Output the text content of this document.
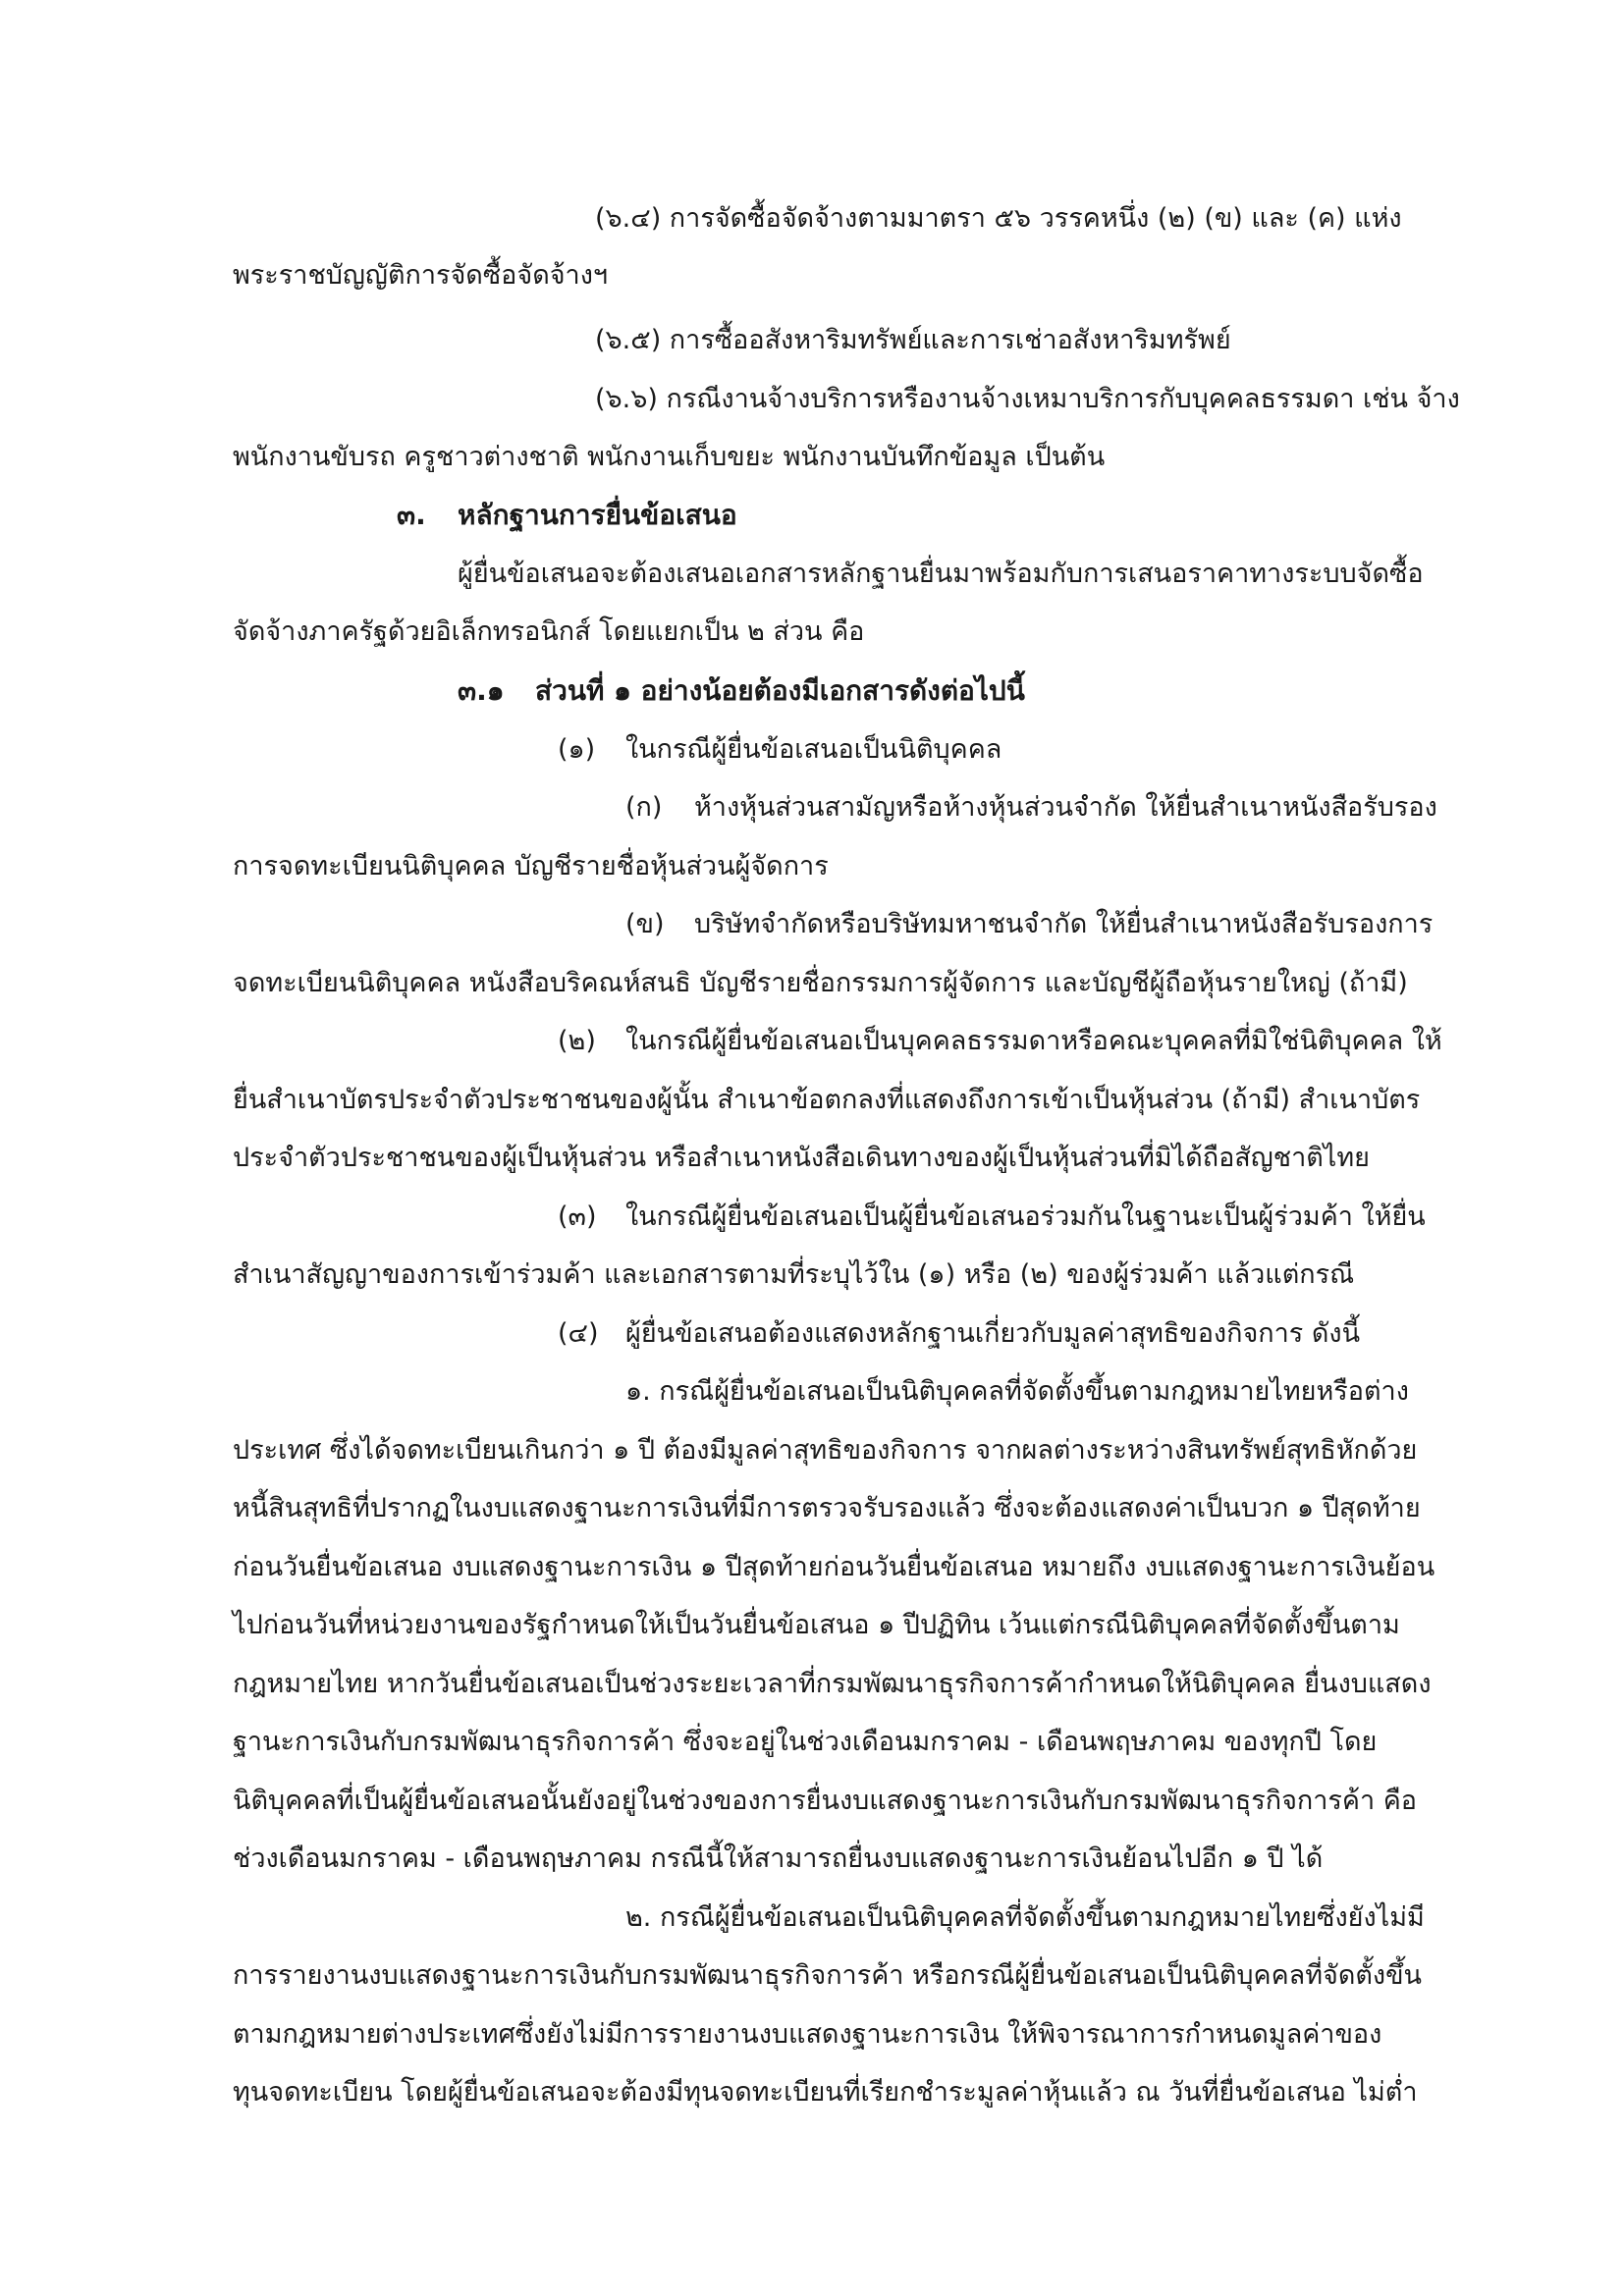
(๖.๔) การจัดซื้อจัดจ้างตามมาตรา ๕๖ วรรคหนึ่ง (๒) (ข) และ (ค) แห่ง
พระราชบัญญัติการจัดซื้อจัดจ้างฯ
(๖.๕) การซื้ออสังหาริมทรัพย์และการเช่าอสังหาริมทรัพย์
(๖.๖) กรณีงานจ้างบริการหรืองานจ้างเหมาบริการกับบุคคลธรรมดา เช่น จ้าง
พนักงานขับรถ ครูชาวต่างชาติ พนักงานเก็บขยะ พนักงานบันทึกข้อมูล เป็นต้น
๓. หลักฐานการยื่นข้อเสนอ
ผู้ยื่นข้อเสนอจะต้องเสนอเอกสารหลักฐานยื่นมาพร้อมกับการเสนอราคาทางระบบจัดซื้อ
จัดจ้างภาครัฐด้วยอิเล็กทรอนิกส์ โดยแยกเป็น ๒ ส่วน คือ
๓.๑ ส่วนที่ ๑ อย่างน้อยต้องมีเอกสารดังต่อไปนี้
(๑) ในกรณีผู้ยื่นข้อเสนอเป็นนิติบุคคล
(ก) ห้างหุ้นส่วนสามัญหรือห้างหุ้นส่วนจำกัด ให้ยื่นสำเนาหนังสือรับรอง
การจดทะเบียนนิติบุคคล บัญชีรายชื่อหุ้นส่วนผู้จัดการ
(ข) บริษัทจำกัดหรือบริษัทมหาชนจำกัด ให้ยื่นสำเนาหนังสือรับรองการ
จดทะเบียนนิติบุคคล หนังสือบริคณห์สนธิ บัญชีรายชื่อกรรมการผู้จัดการ และบัญชีผู้ถือหุ้นรายใหญ่ (ถ้ามี)
(๒) ในกรณีผู้ยื่นข้อเสนอเป็นบุคคลธรรมดาหรือคณะบุคคลที่มิใช่นิติบุคคล ให้
ยื่นสำเนาบัตรประจำตัวประชาชนของผู้นั้น สำเนาข้อตกลงที่แสดงถึงการเข้าเป็นหุ้นส่วน (ถ้ามี) สำเนาบัตร
ประจำตัวประชาชนของผู้เป็นหุ้นส่วน หรือสำเนาหนังสือเดินทางของผู้เป็นหุ้นส่วนที่มิได้ถือสัญชาติไทย
(๓) ในกรณีผู้ยื่นข้อเสนอเป็นผู้ยื่นข้อเสนอร่วมกันในฐานะเป็นผู้ร่วมค้า ให้ยื่น
สำเนาสัญญาของการเข้าร่วมค้า และเอกสารตามที่ระบุไว้ใน (๑) หรือ (๒) ของผู้ร่วมค้า แล้วแต่กรณี
(๔) ผู้ยื่นข้อเสนอต้องแสดงหลักฐานเกี่ยวกับมูลค่าสุทธิของกิจการ ดังนี้
๑. กรณีผู้ยื่นข้อเสนอเป็นนิติบุคคลที่จัดตั้งขึ้นตามกฎหมายไทยหรือต่าง
ประเทศ ซึ่งได้จดทะเบียนเกินกว่า ๑ ปี ต้องมีมูลค่าสุทธิของกิจการ จากผลต่างระหว่างสินทรัพย์สุทธิหักด้วย
หนี้สินสุทธิที่ปรากฏในงบแสดงฐานะการเงินที่มีการตรวจรับรองแล้ว ซึ่งจะต้องแสดงค่าเป็นบวก ๑ ปีสุดท้าย
ก่อนวันยื่นข้อเสนอ งบแสดงฐานะการเงิน ๑ ปีสุดท้ายก่อนวันยื่นข้อเสนอ หมายถึง งบแสดงฐานะการเงินย้อน
ไปก่อนวันที่หน่วยงานของรัฐกำหนดให้เป็นวันยื่นข้อเสนอ ๑ ปีปฏิทิน เว้นแต่กรณีนิติบุคคลที่จัดตั้งขึ้นตาม
กฎหมายไทย หากวันยื่นข้อเสนอเป็นช่วงระยะเวลาที่กรมพัฒนาธุรกิจการค้ากำหนดให้นิติบุคคล ยื่นงบแสดง
ฐานะการเงินกับกรมพัฒนาธุรกิจการค้า ซึ่งจะอยู่ในช่วงเดือนมกราคม - เดือนพฤษภาคม ของทุกปี โดย
นิติบุคคลที่เป็นผู้ยื่นข้อเสนอนั้นยังอยู่ในช่วงของการยื่นงบแสดงฐานะการเงินกับกรมพัฒนาธุรกิจการค้า คือ
ช่วงเดือนมกราคม - เดือนพฤษภาคม กรณีนี้ให้สามารถยื่นงบแสดงฐานะการเงินย้อนไปอีก ๑ ปี ได้
๒. กรณีผู้ยื่นข้อเสนอเป็นนิติบุคคลที่จัดตั้งขึ้นตามกฎหมายไทยซึ่งยังไม่มี
การรายงานงบแสดงฐานะการเงินกับกรมพัฒนาธุรกิจการค้า หรือกรณีผู้ยื่นข้อเสนอเป็นนิติบุคคลที่จัดตั้งขึ้น
ตามกฎหมายต่างประเทศซึ่งยังไม่มีการรายงานงบแสดงฐานะการเงิน ให้พิจารณาการกำหนดมูลค่าของ
ทุนจดทะเบียน โดยผู้ยื่นข้อเสนอจะต้องมีทุนจดทะเบียนที่เรียกชำระมูลค่าหุ้นแล้ว ณ วันที่ยื่นข้อเสนอ ไม่ต่ำ
